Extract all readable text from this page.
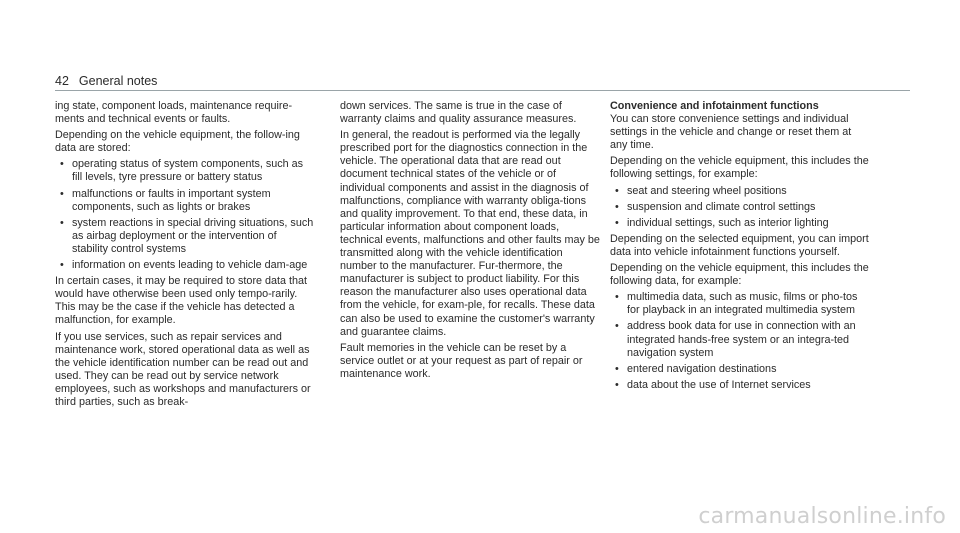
42 General notes

ing state, component loads, maintenance require-ments and technical events or faults.

Depending on the vehicle equipment, the follow-ing data are stored:

• operating status of system components, such as fill levels, tyre pressure or battery status
• malfunctions or faults in important system components, such as lights or brakes
• system reactions in special driving situations, such as airbag deployment or the intervention of stability control systems
• information on events leading to vehicle dam-age

In certain cases, it may be required to store data that would have otherwise been used only tempo-rarily. This may be the case if the vehicle has detected a malfunction, for example.

If you use services, such as repair services and maintenance work, stored operational data as well as the vehicle identification number can be read out and used. They can be read out by service network employees, such as workshops and manufacturers or third parties, such as break-

down services. The same is true in the case of warranty claims and quality assurance measures.

In general, the readout is performed via the legally prescribed port for the diagnostics connection in the vehicle. The operational data that are read out document technical states of the vehicle or of individual components and assist in the diagnosis of malfunctions, compliance with warranty obliga-tions and quality improvement. To that end, these data, in particular information about component loads, technical events, malfunctions and other faults may be transmitted along with the vehicle identification number to the manufacturer. Fur-thermore, the manufacturer is subject to product liability. For this reason the manufacturer also uses operational data from the vehicle, for exam-ple, for recalls. These data can also be used to examine the customer's warranty and guarantee claims.

Fault memories in the vehicle can be reset by a service outlet or at your request as part of repair or maintenance work.

Convenience and infotainment functions

You can store convenience settings and individual settings in the vehicle and change or reset them at any time.

Depending on the vehicle equipment, this includes the following settings, for example:

• seat and steering wheel positions
• suspension and climate control settings
• individual settings, such as interior lighting

Depending on the selected equipment, you can import data into vehicle infotainment functions yourself.

Depending on the vehicle equipment, this includes the following data, for example:

• multimedia data, such as music, films or pho-tos for playback in an integrated multimedia system
• address book data for use in connection with an integrated hands-free system or an integra-ted navigation system
• entered navigation destinations
• data about the use of Internet services
carmanualsonline.info
